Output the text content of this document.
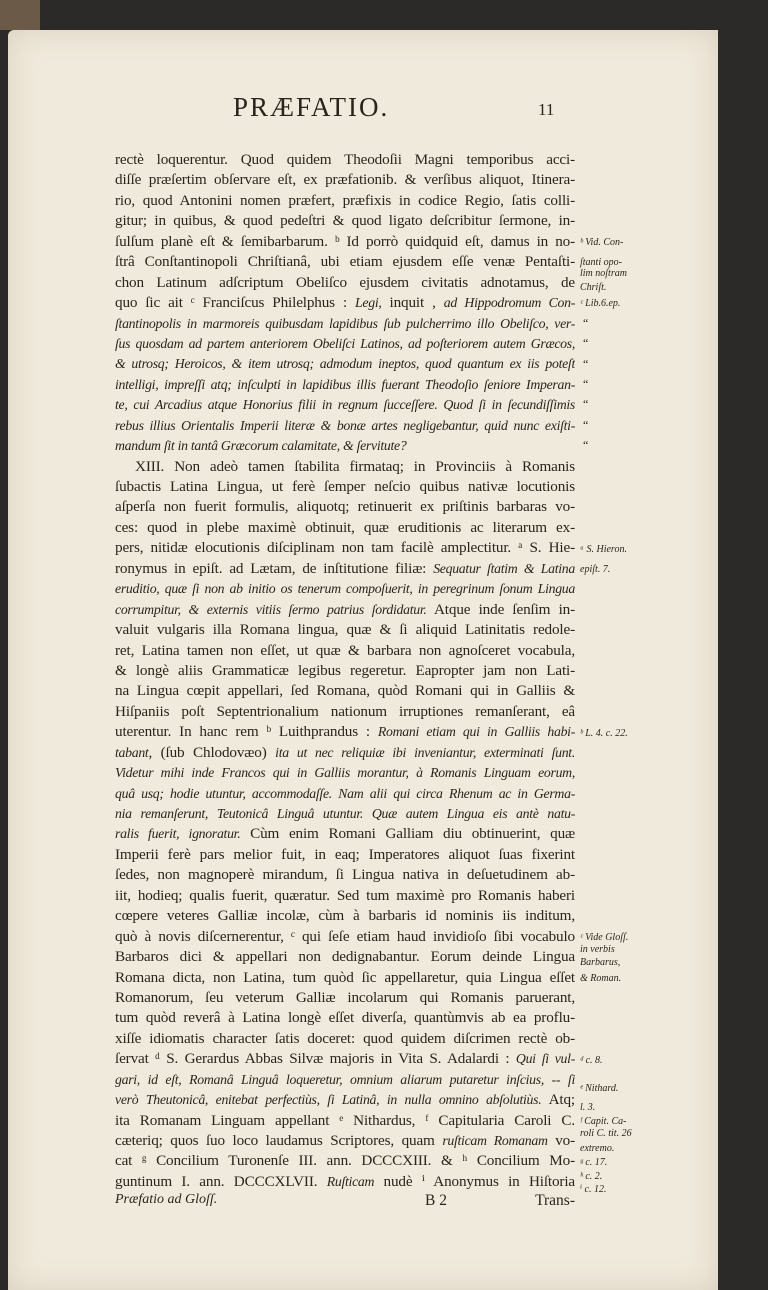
PRÆFATIO.	11
rectè loquerentur. Quod quidem Theodoſii Magni temporibus acci-
diſſe præſertim obſervare eſt, ex præfationib. & verſibus aliquot, Itinera-
rio, quod Antonini nomen præfert, præfixis in codice Regio, ſatis colli-
gitur; in quibus, & quod pedeſtri & quod ligato deſcribitur ſermone, in-
ſulſum planè eſt & ſemibarbarum. ᵇ Id porrò quidquid eſt, damus in no-
ſtrâ Conſtantinopoli Chriſtianâ, ubi etiam ejusdem eſſe venæ Pentaſti-
chon Latinum adſcriptum Obeliſco ejusdem civitatis adnotamus, de
quo ſic ait ᶜ Franciſcus Philelphus : Legi, inquit , ad Hippodromum Con-
ſtantinopolis in marmoreis quibusdam lapidibus ſub pulcherrimo illo Obeliſco, ver-
ſus quosdam ad partem anteriorem Obeliſci Latinos, ad poſteriorem autem Græcos,
& utrosq; Heroicos, & item utrosq; admodum ineptos, quod quantum ex iis poteſt
intelligi, impreſſi atq; inſculpti in lapidibus illis fuerant Theodoſio ſeniore Imperan-
te, cui Arcadius atque Honorius filii in regnum ſucceſſere. Quod ſi in ſecundiſſimis
rebus illius Orientalis Imperii literæ & bonæ artes negligebantur, quid nunc exiſti-
mandum ſit in tantâ Græcorum calamitate, & ſervitute?
XIII. Non adeò tamen ſtabilita firmataq; in Provinciis à Romanis
ſubactis Latina Lingua, ut ferè ſemper neſcio quibus nativæ locutionis
aſperſa non fuerit formulis, aliquotq; retinuerit ex priſtinis barbaras vo-
ces: quod in plebe maximè obtinuit, quæ eruditionis ac literarum ex-
pers, nitidæ elocutionis diſciplinam non tam facilè amplectitur. ᵃ S. Hie-
ronymus in epiſt. ad Lætam, de inſtitutione filiæ: Sequatur ſtatim & Latina
eruditio, quæ ſi non ab initio os tenerum compoſuerit, in peregrinum ſonum Lingua
corrumpitur, & externis vitiis ſermo patrius ſordidatur. Atque inde ſenſim in-
valuit vulgaris illa Romana lingua, quæ & ſi aliquid Latinitatis redole-
ret, Latina tamen non eſſet, ut quæ & barbara non agnoſceret vocabula,
& longè aliis Grammaticæ legibus regeretur. Eapropter jam non Lati-
na Lingua cœpit appellari, ſed Romana, quòd Romani qui in Galliis &
Hiſpaniis poſt Septentrionalium nationum irruptiones remanſerant, eâ
uterentur. In hanc rem ᵇ Luithprandus : Romani etiam qui in Galliis habi-
tabant, (ſub Chlodovæo) ita ut nec reliquiæ ibi inveniantur, exterminati ſunt.
Videtur mihi inde Francos qui in Galliis morantur, à Romanis Linguam eorum,
quâ usq; hodie utuntur, accommodaſſe. Nam alii qui circa Rhenum ac in Germa-
nia remanſerunt, Teutonicâ Linguâ utuntur. Quæ autem Lingua eis antè natu-
ralis fuerit, ignoratur. Cùm enim Romani Galliam diu obtinuerint, quæ
Imperii ferè pars melior fuit, in eaq; Imperatores aliquot ſuas fixerint
ſedes, non magnoperè mirandum, ſi Lingua nativa in deſuetudinem ab-
iit, hodieq; qualis fuerit, quæratur. Sed tum maximè pro Romanis haberi
cœpere veteres Galliæ incolæ, cùm à barbaris id nominis iis inditum,
quò à novis diſcernerentur, ᶜ qui ſeſe etiam haud invidioſo ſibi vocabulo
Barbaros dici & appellari non dedignabantur. Eorum deinde Lingua
Romana dicta, non Latina, tum quòd ſic appellaretur, quia Lingua eſſet
Romanorum, ſeu veterum Galliæ incolarum qui Romanis paruerant,
tum quòd reverâ à Latina longè eſſet diverſa, quantùmvis ab ea proflu-
xiſſe idiomatis character ſatis doceret: quod quidem diſcrimen rectè ob-
ſervat ᵈ S. Gerardus Abbas Silvæ majoris in Vita S. Adalardi : Qui ſi vul-
gari, id eſt, Romanâ Linguâ loqueretur, omnium aliarum putaretur inſcius, -- ſi
verò Theutonicâ, enitebat perfectiùs, ſi Latinâ, in nulla omnino abſolutiùs. Atq;
ita Romanam Linguam appellant ᵉ Nithardus, ᶠ Capitularia Caroli C.
cæteriq; quos ſuo loco laudamus Scriptores, quam ruſticam Romanam vo-
cat ᵍ Concilium Turonenſe III. ann. DCCCXIII. & ʰ Concilium Mo-
guntinum I. ann. DCCCXLVII. Ruſticam nudè ⁱ Anonymus in Hiſtoria
ᵇ Vid. Con-
ſtanti opo-
lim noſtram
Chriſt.
ᶜ Lib.6.ep.
ᵃ S. Hieron.
epiſt. 7.
ᵇ L. 4. c. 22.
ᶜ Vide Gloſſ.
in verbis
Barbarus,
& Roman.
ᵈ c. 8.
ᵉ Nithard.
l. 3.
ᶠ Capit. Ca-
roli C. tit. 26
extremo.
ᵍ c. 17.
ʰ c. 2.
ⁱ c. 12.
“
“
“
“
“
“
“
Præfatio ad Gloſſ.	B 2	Trans-
